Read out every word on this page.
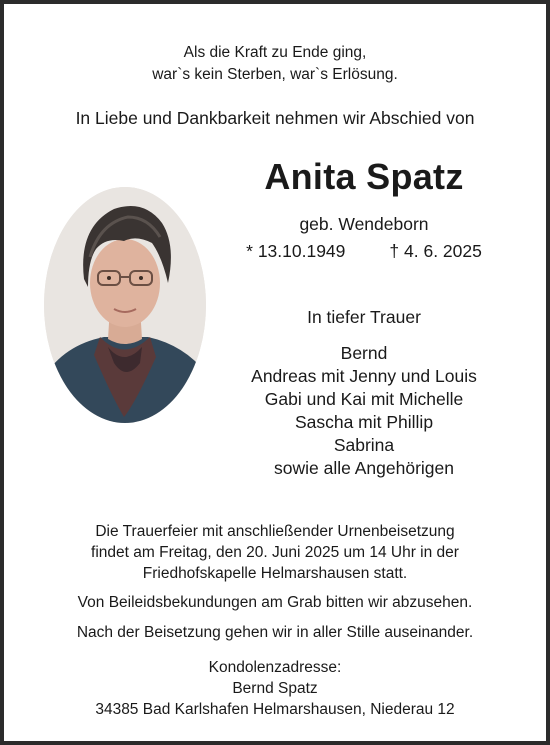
Als die Kraft zu Ende ging,
war`s kein Sterben, war`s Erlösung.
In Liebe und Dankbarkeit nehmen wir Abschied von
Anita Spatz
geb. Wendeborn
* 13.10.1949	† 4. 6. 2025
In tiefer Trauer
Bernd
Andreas mit Jenny und Louis
Gabi und Kai mit Michelle
Sascha mit Phillip
Sabrina
sowie alle Angehörigen
Die Trauerfeier mit anschließender Urnenbeisetzung
findet am Freitag, den 20. Juni 2025 um 14 Uhr in der
Friedhofskapelle Helmarshausen statt.
Von Beileidsbekundungen am Grab bitten wir abzusehen.
Nach der Beisetzung gehen wir in aller Stille auseinander.
Kondolenzadresse:
Bernd Spatz
34385 Bad Karlshafen Helmarshausen, Niederau 12
